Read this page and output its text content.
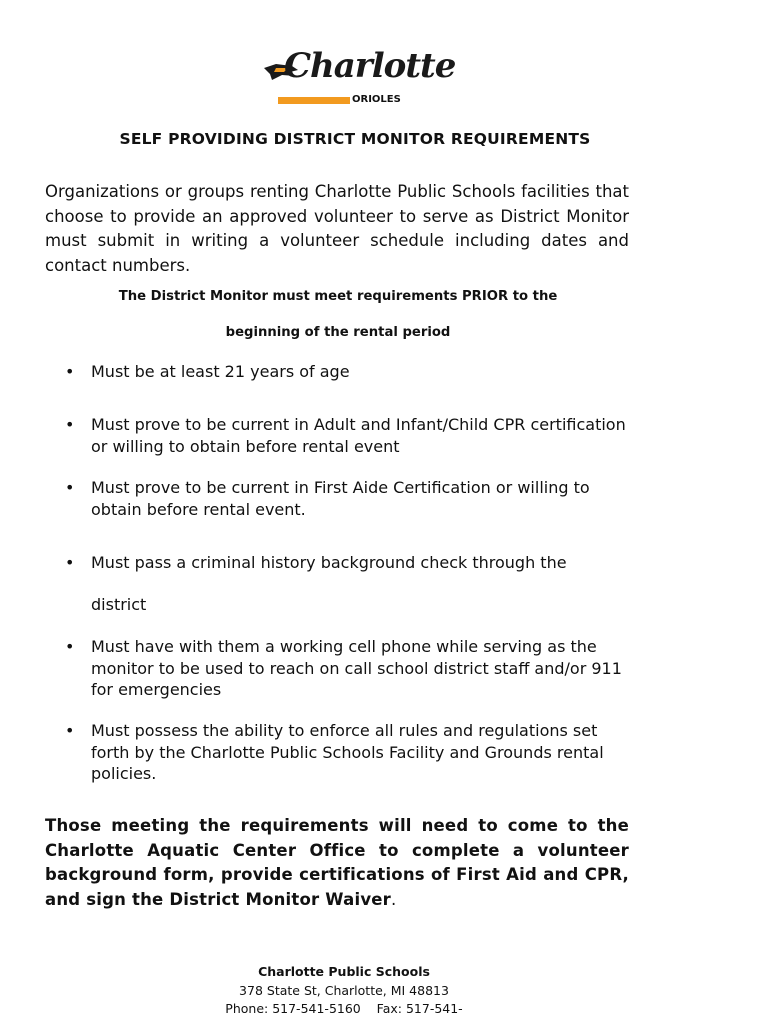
Charlotte
ORIOLES
SELF PROVIDING DISTRICT MONITOR REQUIREMENTS
Organizations or groups renting Charlotte Public Schools facilities that choose to provide an approved volunteer to serve as District Monitor must submit in writing a volunteer schedule including dates and contact numbers.
The District Monitor must meet requirements PRIOR to the
beginning of the rental period
• Must be at least 21 years of age
• Must prove to be current in Adult and Infant/Child CPR certification or willing to obtain before rental event
• Must prove to be current in First Aide Certification or willing to obtain before rental event.
• Must pass a criminal history background check through the
district
• Must have with them a working cell phone while serving as the monitor to be used to reach on call school district staff and/or 911 for emergencies
• Must possess the ability to enforce all rules and regulations set forth by the Charlotte Public Schools Facility and Grounds rental policies.
Those meeting the requirements will need to come to the Charlotte Aquatic Center Office to complete a volunteer background form, provide certifications of First Aid and CPR, and sign the District Monitor Waiver.
Charlotte Public Schools
378 State St, Charlotte, MI 48813
Phone: 517-541-5160 Fax: 517-541-
